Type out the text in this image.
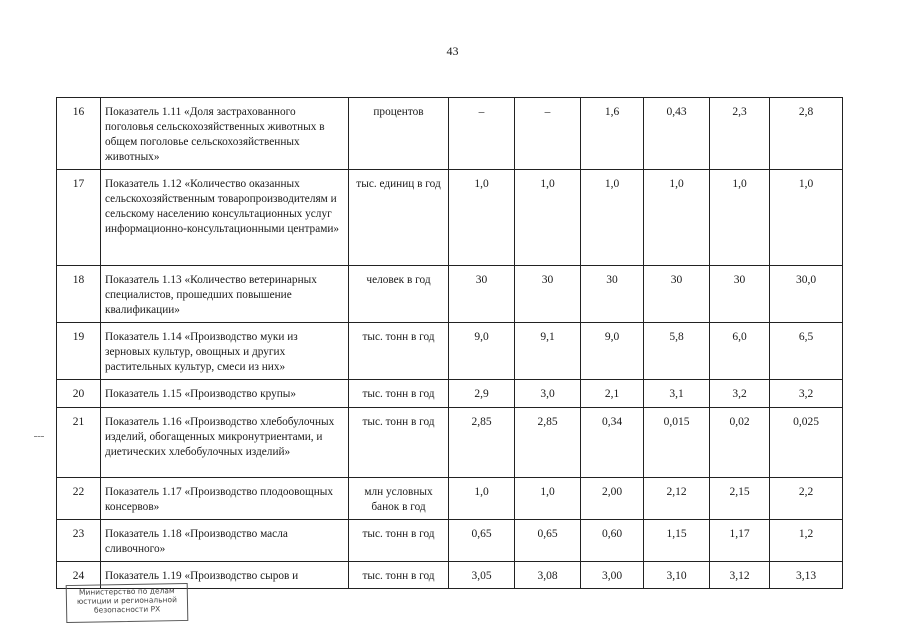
43
16	Показатель 1.11 «Доля застрахованного поголовья сельскохозяйственных животных в общем поголовье сельскохозяйственных животных»	процентов	–	–	1,6	0,43	2,3	2,8
17	Показатель 1.12 «Количество оказанных сельскохозяйственным товаропроизводителям и сельскому населению консультационных услуг информационно-консультационными центрами»	тыс. единиц в год	1,0	1,0	1,0	1,0	1,0	1,0
18	Показатель 1.13 «Количество ветеринарных специалистов, прошедших повышение квалификации»	человек в год	30	30	30	30	30	30,0
19	Показатель 1.14 «Производство муки из зерновых культур, овощных и других растительных культур, смеси из них»	тыс. тонн в год	9,0	9,1	9,0	5,8	6,0	6,5
20	Показатель 1.15 «Производство крупы»	тыс. тонн в год	2,9	3,0	2,1	3,1	3,2	3,2
21	Показатель 1.16 «Производство хлебобулочных изделий, обогащенных микронутриентами, и диетических хлебобулочных изделий»	тыс. тонн в год	2,85	2,85	0,34	0,015	0,02	0,025
22	Показатель 1.17 «Производство плодоовощных консервов»	млн условных банок в год	1,0	1,0	2,00	2,12	2,15	2,2
23	Показатель 1.18 «Производство масла сливочного»	тыс. тонн в год	0,65	0,65	0,60	1,15	1,17	1,2
24	Показатель 1.19 «Производство сыров и	тыс. тонн в год	3,05	3,08	3,00	3,10	3,12	3,13
Министерство по делам юстиции и региональной безопасности РХ
